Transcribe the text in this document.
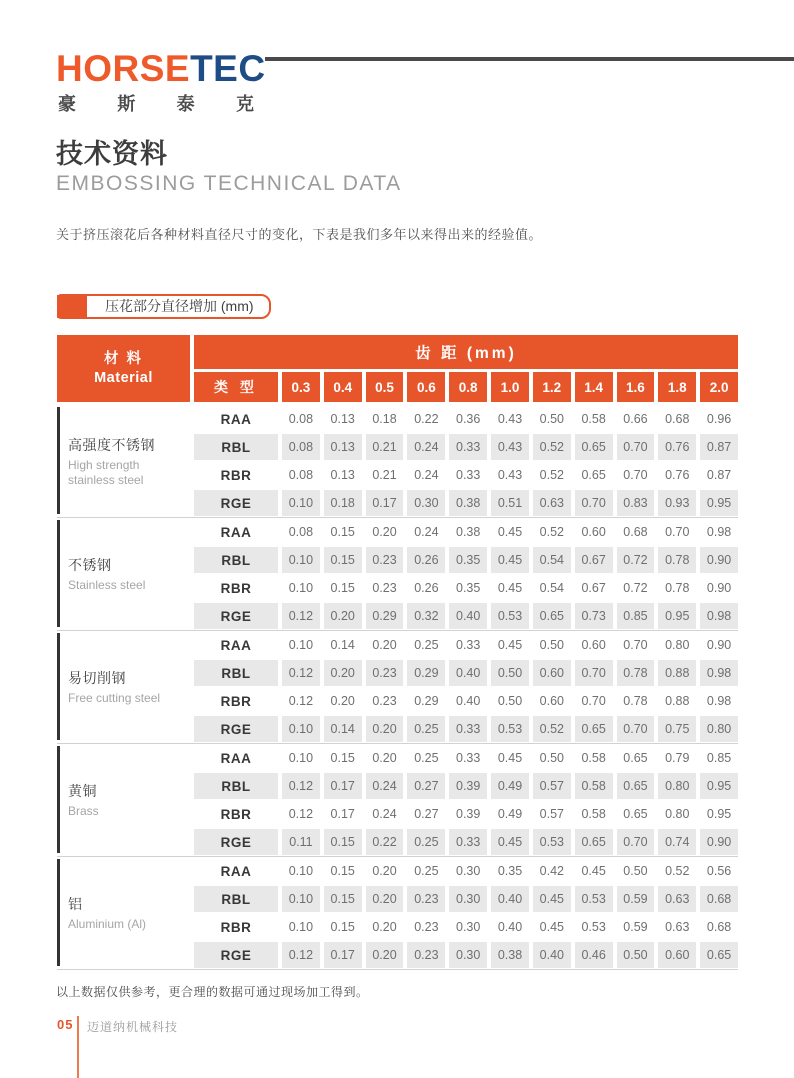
HORSETEC
豪 斯 泰 克
技术资料
EMBOSSING TECHNICAL DATA

关于挤压滚花后各种材料直径尺寸的变化，下表是我们多年以来得出来的经验值。

压花部分直径增加 (mm)
材 料
Material
齿 距 (mm)
类 型	0.3	0.4	0.5	0.6	0.8	1.0	1.2	1.4	1.6	1.8	2.0
高强度不锈钢
High strength stainless steel
RAA	0.08	0.13	0.18	0.22	0.36	0.43	0.50	0.58	0.66	0.68	0.96
RBL	0.08	0.13	0.21	0.24	0.33	0.43	0.52	0.65	0.70	0.76	0.87
RBR	0.08	0.13	0.21	0.24	0.33	0.43	0.52	0.65	0.70	0.76	0.87
RGE	0.10	0.18	0.17	0.30	0.38	0.51	0.63	0.70	0.83	0.93	0.95
不锈钢
Stainless steel
RAA	0.08	0.15	0.20	0.24	0.38	0.45	0.52	0.60	0.68	0.70	0.98
RBL	0.10	0.15	0.23	0.26	0.35	0.45	0.54	0.67	0.72	0.78	0.90
RBR	0.10	0.15	0.23	0.26	0.35	0.45	0.54	0.67	0.72	0.78	0.90
RGE	0.12	0.20	0.29	0.32	0.40	0.53	0.65	0.73	0.85	0.95	0.98
易切削钢
Free cutting steel
RAA	0.10	0.14	0.20	0.25	0.33	0.45	0.50	0.60	0.70	0.80	0.90
RBL	0.12	0.20	0.23	0.29	0.40	0.50	0.60	0.70	0.78	0.88	0.98
RBR	0.12	0.20	0.23	0.29	0.40	0.50	0.60	0.70	0.78	0.88	0.98
RGE	0.10	0.14	0.20	0.25	0.33	0.53	0.52	0.65	0.70	0.75	0.80
黄铜
Brass
RAA	0.10	0.15	0.20	0.25	0.33	0.45	0.50	0.58	0.65	0.79	0.85
RBL	0.12	0.17	0.24	0.27	0.39	0.49	0.57	0.58	0.65	0.80	0.95
RBR	0.12	0.17	0.24	0.27	0.39	0.49	0.57	0.58	0.65	0.80	0.95
RGE	0.11	0.15	0.22	0.25	0.33	0.45	0.53	0.65	0.70	0.74	0.90
铝
Aluminium (Al)
RAA	0.10	0.15	0.20	0.25	0.30	0.35	0.42	0.45	0.50	0.52	0.56
RBL	0.10	0.15	0.20	0.23	0.30	0.40	0.45	0.53	0.59	0.63	0.68
RBR	0.10	0.15	0.20	0.23	0.30	0.40	0.45	0.53	0.59	0.63	0.68
RGE	0.12	0.17	0.20	0.23	0.30	0.38	0.40	0.46	0.50	0.60	0.65

以上数据仅供参考，更合理的数据可通过现场加工得到。

05 迈道纳机械科技
